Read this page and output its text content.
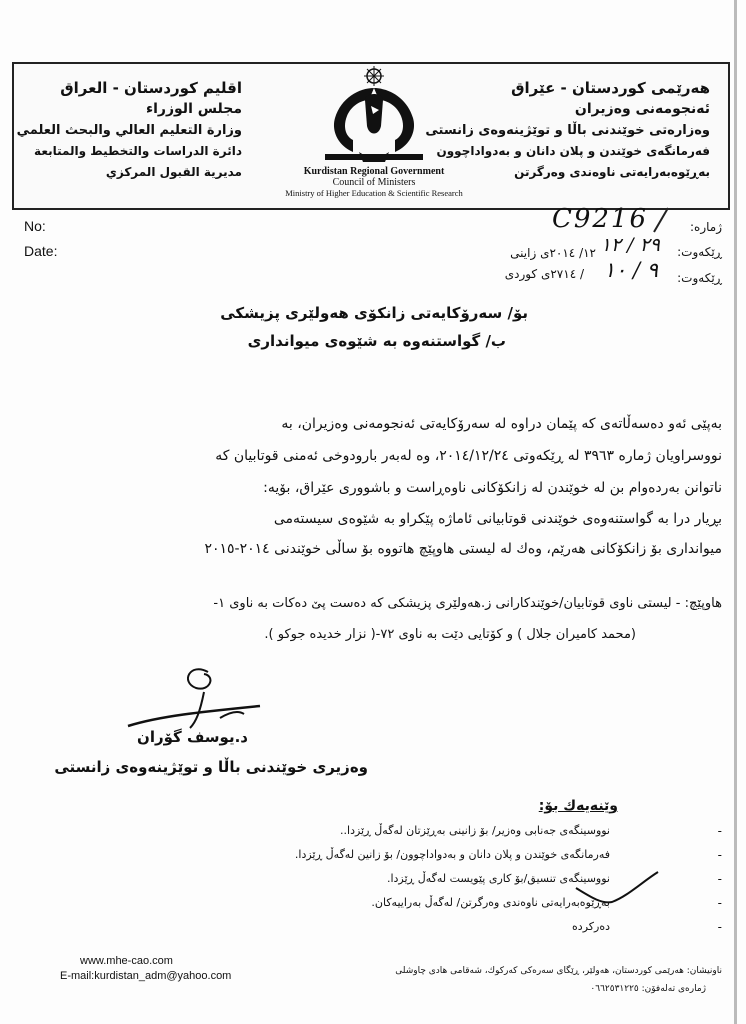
هەرێمی کوردستان - عێراق
ئەنجومەنی وەزیران
وەزارەتی خوێندنی باڵا و توێژینەوەی زانستی
فەرمانگەی خوێندن و پلان دانان و بەدواداچوون
بەڕێوەبەرایەتی ناوەندی وەرگرتن
Kurdistan Regional Government
Council of Ministers
Ministry of Higher Education & Scientific Research
اقليم كوردستان - العراق
مجلس الوزراء
وزارة التعليم العالي والبحث العلمي
دائرة الدراسات والتخطيط والمتابعة
مديرية القبول المركزي
No:
Date:
ژمارە:
C9216
ڕێکەوت:
٢٩ / ١٢
١٢/ ٢٠١٤ی زاینی
ڕێکەوت:
٩ / ١٠
/ ٢٧١٤ی کوردی
بۆ/ سەرۆکایەتی زانکۆی هەولێری پزیشکی
ب/ گواستنەوە بە شێوەی میوانداری
بەپێی ئەو دەسەڵاتەی کە پێمان دراوە لە سەرۆکایەتی ئەنجومەنی وەزیران، بە
نووسراویان ژمارە ٣٩٦٣ لە ڕێکەوتی ٢٠١٤/١٢/٢٤، وە لەبەر بارودوخی ئەمنی قوتابیان کە
ناتوانن بەردەوام بن لە خوێندن لە زانکۆکانی ناوەڕاست و باشووری عێراق، بۆیە:
بڕیار درا بە گواستنەوەی خوێندنی قوتابیانی ئاماژە پێکراو بە شێوەی سیستەمی
میوانداری بۆ زانکۆکانی هەرێم، وەك لە لیستی هاوپێچ هاتووە بۆ ساڵی خوێندنی ٢٠١٤-٢٠١٥
هاوپێچ: - لیستی ناوی قوتابیان/خوێندکارانی ز.هەولێری پزیشکی کە دەست پێ دەکات بە ناوی ١-
(محمد کامیران جلال ) و کۆتایی دێت بە ناوی ٧٢-( نزار خدیدە جوکو ).
د.یوسف گۆران
وەزیری خوێندنی باڵا و توێژینەوەی زانستی
وێنەیەك بۆ:
نووسینگەی جەنابی وەزیر/ بۆ زانینی بەڕێزتان لەگەڵ ڕێزدا..
فەرمانگەی خوێندن و پلان دانان و بەدواداچوون/ بۆ زانین لەگەڵ ڕێزدا.
نووسینگەی تنسیق/بۆ کاری پێویست لەگەڵ ڕێزدا.
بەڕێوەبەرایەتی ناوەندی وەرگرتن/ لەگەڵ بەراییەکان.
دەرکردە
-
-
-
-
-
www.mhe-cao.com
E-mail:kurdistan_adm@yahoo.com	ناونیشان: هەرێمی کوردستان، هەولێر، ڕێگای سەرەکی کەرکوك، شەقامی هادی چاوشلی
ژمارەی تەلەفۆن: ٠٦٦٢٥٣١٢٢٥
